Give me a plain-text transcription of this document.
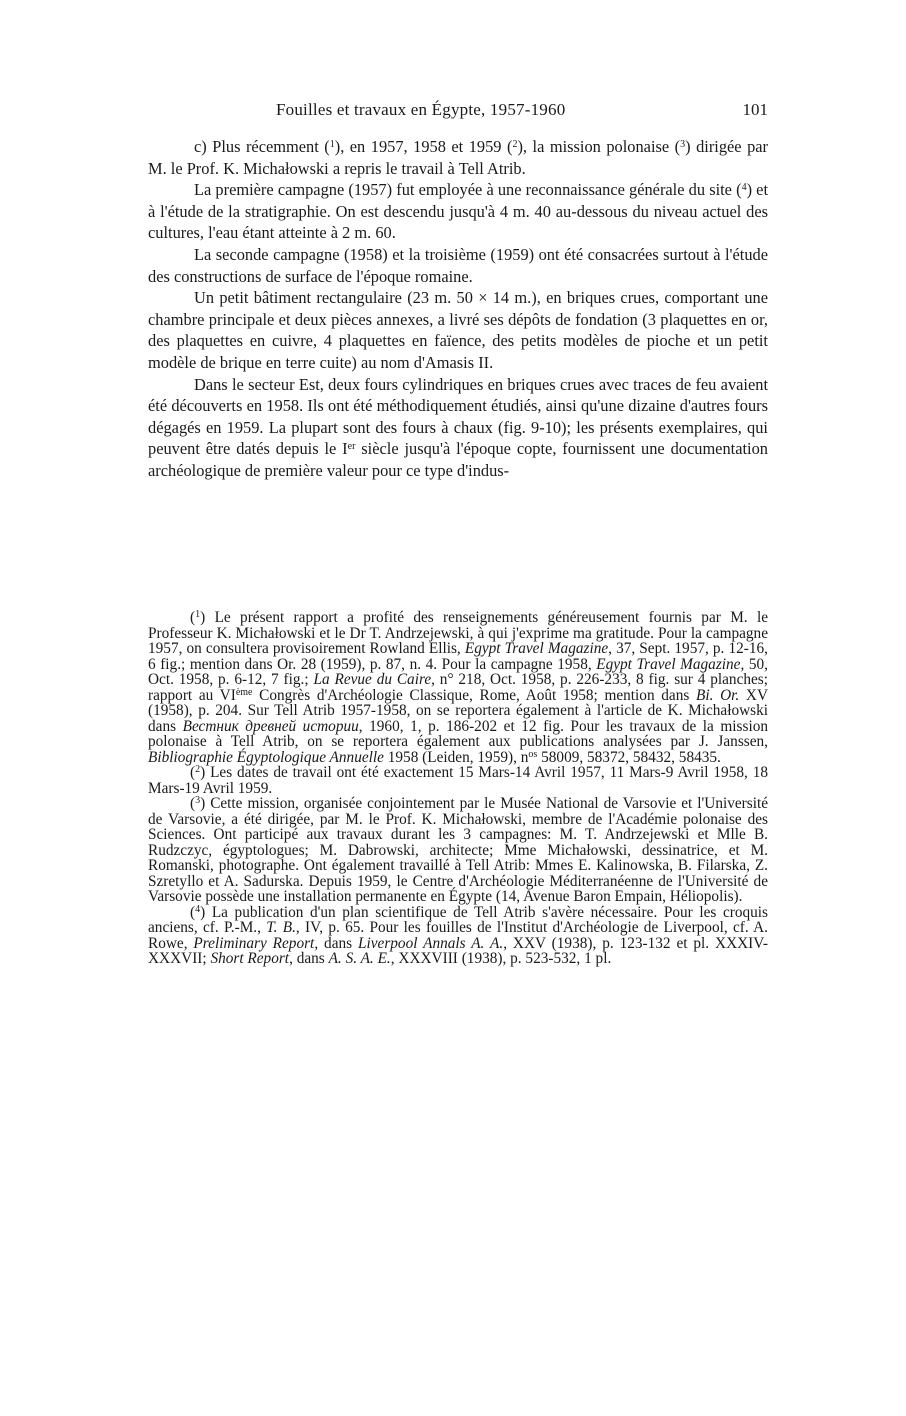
Fouilles et travaux en Égypte, 1957-1960	101

c) Plus récemment ($^1$), en 1957, 1958 et 1959 ($^2$), la mission polonaise ($^3$) dirigée par M. le Prof. K. Michałowski a repris le travail à Tell Atrib.

La première campagne (1957) fut employée à une reconnaissance générale du site ($^4$) et à l'étude de la stratigraphie. On est descendu jusqu'à 4 m. 40 au-dessous du niveau actuel des cultures, l'eau étant atteinte à 2 m. 60.

La seconde campagne (1958) et la troisième (1959) ont été consacrées surtout à l'étude des constructions de surface de l'époque romaine.

Un petit bâtiment rectangulaire (23 m. 50 × 14 m.), en briques crues, comportant une chambre principale et deux pièces annexes, a livré ses dépôts de fondation (3 plaquettes en or, des plaquettes en cuivre, 4 plaquettes en faïence, des petits modèles de pioche et un petit modèle de brique en terre cuite) au nom d'Amasis II.

Dans le secteur Est, deux fours cylindriques en briques crues avec traces de feu avaient été découverts en 1958. Ils ont été méthodiquement étudiés, ainsi qu'une dizaine d'autres fours dégagés en 1959. La plupart sont des fours à chaux (fig. 9-10); les présents exemplaires, qui peuvent être datés depuis le Ier siècle jusqu'à l'époque copte, fournissent une documentation archéologique de première valeur pour ce type d'indus-

($^1$) Le présent rapport a profité des renseignements généreusement fournis par M. le Professeur K. Michałowski et le Dr T. Andrzejewski, à qui j'exprime ma gratitude. Pour la campagne 1957, on consultera provisoirement Rowland Ellis, Egypt Travel Magazine, 37, Sept. 1957, p. 12-16, 6 fig.; mention dans Or. 28 (1959), p. 87, n. 4. Pour la campagne 1958, Egypt Travel Magazine, 50, Oct. 1958, p. 6-12, 7 fig.; La Revue du Caire, n° 218, Oct. 1958, p. 226-233, 8 fig. sur 4 planches; rapport au VIème Congrès d'Archéologie Classique, Rome, Août 1958; mention dans Bi. Or. XV (1958), p. 204. Sur Tell Atrib 1957-1958, on se reportera également à l'article de K. Michałowski dans Вестник древней истории, 1960, 1, p. 186-202 et 12 fig. Pour les travaux de la mission polonaise à Tell Atrib, on se reportera également aux publications analysées par J. Janssen, Bibliographie Égyptologique Annuelle 1958 (Leiden, 1959), $n^{os}$ 58009, 58372, 58432, 58435.

($^2$) Les dates de travail ont été exactement 15 Mars-14 Avril 1957, 11 Mars-9 Avril 1958, 18 Mars-19 Avril 1959.

($^3$) Cette mission, organisée conjointement par le Musée National de Varsovie et l'Université de Varsovie, a été dirigée, par M. le Prof. K. Michałowski, membre de l'Académie polonaise des Sciences. Ont participé aux travaux durant les 3 campagnes: M. T. Andrzejewski et Mlle B. Rudzczyc, égyptologues; M. Dabrowski, architecte; Mme Michałowski, dessinatrice, et M. Romanski, photographe. Ont également travaillé à Tell Atrib: Mmes E. Kalinowska, B. Filarska, Z. Szretyllo et A. Sadurska. Depuis 1959, le Centre d'Archéologie Méditerranéenne de l'Université de Varsovie possède une installation permanente en Égypte (14, Avenue Baron Empain, Héliopolis).

($^4$) La publication d'un plan scientifique de Tell Atrib s'avère nécessaire. Pour les croquis anciens, cf. P.-M., T. B., IV, p. 65. Pour les fouilles de l'Institut d'Archéologie de Liverpool, cf. A. Rowe, Preliminary Report, dans Liverpool Annals A. A., XXV (1938), p. 123-132 et pl. XXXIV-XXXVII; Short Report, dans A. S. A. E., XXXVIII (1938), p. 523-532, 1 pl.
